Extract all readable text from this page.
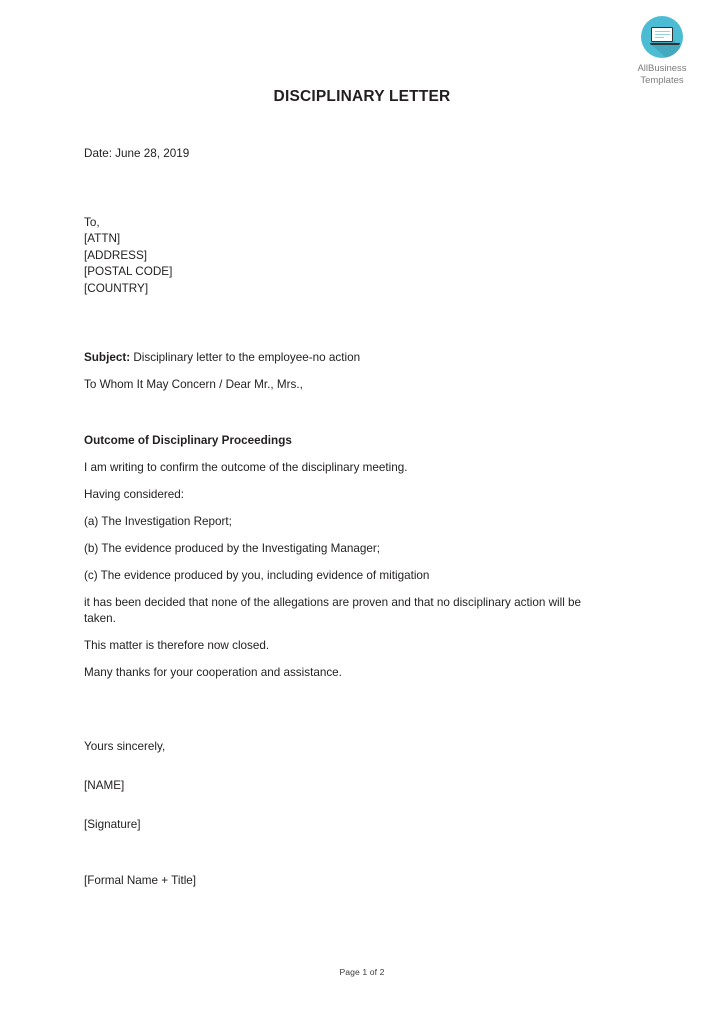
AllBusiness
Templates
DISCIPLINARY LETTER
Date: June 28, 2019
To,
[ATTN]
[ADDRESS]
[POSTAL CODE]
[COUNTRY]
Subject: Disciplinary letter to the employee-no action
To Whom It May Concern / Dear Mr., Mrs.,
Outcome of Disciplinary Proceedings
I am writing to confirm the outcome of the disciplinary meeting.
Having considered:
(a) The Investigation Report;
(b) The evidence produced by the Investigating Manager;
(c) The evidence produced by you, including evidence of mitigation
it has been decided that none of the allegations are proven and that no disciplinary action will be taken.
This matter is therefore now closed.
Many thanks for your cooperation and assistance.
Yours sincerely,
[NAME]
[Signature]
[Formal Name + Title]
Page 1 of 2
